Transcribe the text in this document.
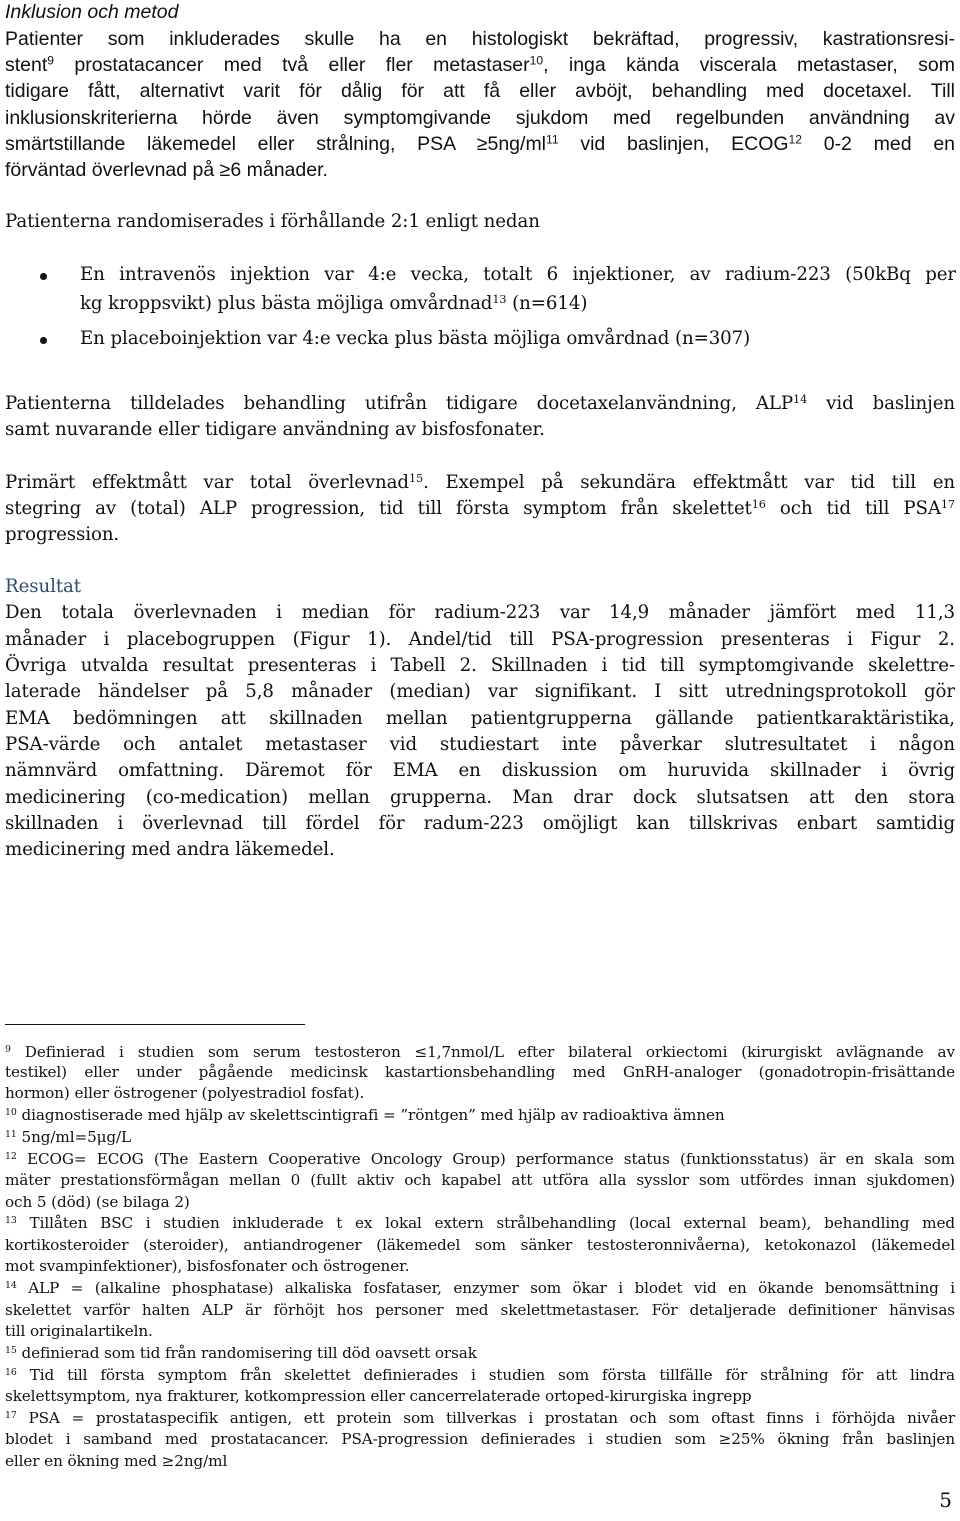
Inklusion och metod
Patienter som inkluderades skulle ha en histologiskt bekräftad, progressiv, kastrationsresi-
stent$^9$ prostatacancer med två eller fler metastaser$^{10}$, inga kända viscerala metastaser, som
tidigare fått, alternativt varit för dålig för att få eller avböjt, behandling med docetaxel. Till
inklusionskriterierna hörde även symptomgivande sjukdom med regelbunden användning av
smärtstillande läkemedel eller strålning, PSA $\ge 5ng/ml^{11}$ vid baslinjen, ECOG$^{12}$ 0-2 med en
förväntad överlevnad på ≥6 månader.
Patienterna randomiserades i förhållande 2:1 enligt nedan
En intravenös injektion var 4:e vecka, totalt 6 injektioner, av radium-223 (50kBq per
kg kroppsvikt) plus bästa möjliga omvårdnad$^{13}$ (n=614)
En placeboinjektion var 4:e vecka plus bästa möjliga omvårdnad (n=307)
Patienterna tilldelades behandling utifrån tidigare docetaxelanvändning, ALP$^{14}$ vid baslinjen
samt nuvarande eller tidigare användning av bisfosfonater.
Primärt effektmått var total överlevnad$^{15}$. Exempel på sekundära effektmått var tid till en
stegring av (total) ALP progression, tid till första symptom från skelettet$^{16}$ och tid till PSA$^{17}$
progression.
Resultat
Den totala överlevnaden i median för radium-223 var 14,9 månader jämfört med 11,3
månader i placebogruppen (Figur 1). Andel/tid till PSA-progression presenteras i Figur 2.
Övriga utvalda resultat presenteras i Tabell 2. Skillnaden i tid till symptomgivande skelettre-
laterade händelser på 5,8 månader (median) var signifikant. I sitt utredningsprotokoll gör
EMA bedömningen att skillnaden mellan patientgrupperna gällande patientkaraktäristika,
PSA-värde och antalet metastaser vid studiestart inte påverkar slutresultatet i någon
nämnvärd omfattning. Däremot för EMA en diskussion om huruvida skillnader i övrig
medicinering (co-medication) mellan grupperna. Man drar dock slutsatsen att den stora
skillnaden i överlevnad till fördel för radum-223 omöjligt kan tillskrivas enbart samtidig
medicinering med andra läkemedel.
$^9$ Definierad i studien som serum testosteron ≤1,7nmol/L efter bilateral orkiectomi (kirurgiskt avlägnande av
testikel) eller under pågående medicinsk kastartionsbehandling med GnRH-analoger (gonadotropin-frisättande
hormon) eller östrogener (polyestradiol fosfat).
$^{10}$ diagnostiserade med hjälp av skelettscintigrafi = ”röntgen” med hjälp av radioaktiva ämnen
$^{11}$ 5ng/ml=5μg/L
$^{12}$ ECOG= ECOG (The Eastern Cooperative Oncology Group) performance status (funktionsstatus) är en skala som
mäter prestationsförmågan mellan 0 (fullt aktiv och kapabel att utföra alla sysslor som utfördes innan sjukdomen)
och 5 (död) (se bilaga 2)
$^{13}$ Tillåten BSC i studien inkluderade t ex lokal extern strålbehandling (local external beam), behandling med
kortikosteroider (steroider), antiandrogener (läkemedel som sänker testosteronnivåerna), ketokonazol (läkemedel
mot svampinfektioner), bisfosfonater och östrogener.
$^{14}$ ALP = (alkaline phosphatase) alkaliska fosfataser, enzymer som ökar i blodet vid en ökande benomsättning i
skelettet varför halten ALP är förhöjt hos personer med skelettmetastaser. För detaljerade definitioner hänvisas
till originalartikeln.
$^{15}$ definierad som tid från randomisering till död oavsett orsak
$^{16}$ Tid till första symptom från skelettet definierades i studien som första tillfälle för strålning för att lindra
skelettsymptom, nya frakturer, kotkompression eller cancerrelaterade ortoped-kirurgiska ingrepp
$^{17}$ PSA = prostataspecifik antigen, ett protein som tillverkas i prostatan och som oftast finns i förhöjda nivåer
blodet i samband med prostatacancer. PSA-progression definierades i studien som ≥25% ökning från baslinjen
eller en ökning med ≥2ng/ml
5
